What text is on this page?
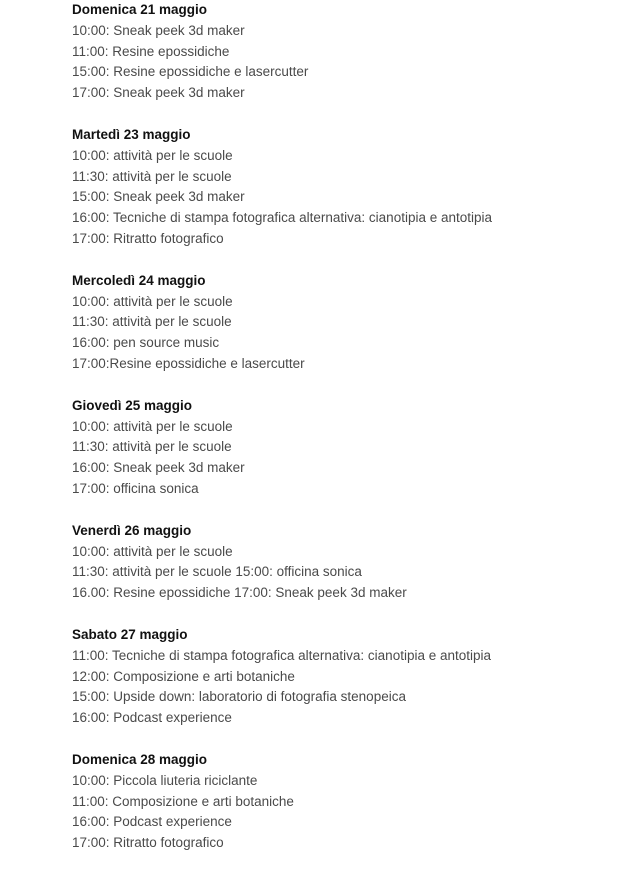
Domenica 21 maggio
10:00: Sneak peek 3d maker
11:00: Resine epossidiche
15:00: Resine epossidiche e lasercutter
17:00: Sneak peek 3d maker
Martedì 23 maggio
10:00: attività per le scuole
11:30: attività per le scuole
15:00: Sneak peek 3d maker
16:00: Tecniche di stampa fotografica alternativa: cianotipia e antotipia
17:00: Ritratto fotografico
Mercoledì 24 maggio
10:00: attività per le scuole
11:30: attività per le scuole
16:00: pen source music
17:00:Resine epossidiche e lasercutter
Giovedì 25 maggio
10:00: attività per le scuole
11:30: attività per le scuole
16:00: Sneak peek 3d maker
17:00: officina sonica
Venerdì 26 maggio
10:00: attività per le scuole
11:30: attività per le scuole 15:00: officina sonica
16.00: Resine epossidiche 17:00: Sneak peek 3d maker
Sabato 27 maggio
11:00: Tecniche di stampa fotografica alternativa: cianotipia e antotipia
12:00: Composizione e arti botaniche
15:00: Upside down: laboratorio di fotografia stenopeica
16:00: Podcast experience
Domenica 28 maggio
10:00: Piccola liuteria riciclante
11:00: Composizione e arti botaniche
16:00: Podcast experience
17:00: Ritratto fotografico
